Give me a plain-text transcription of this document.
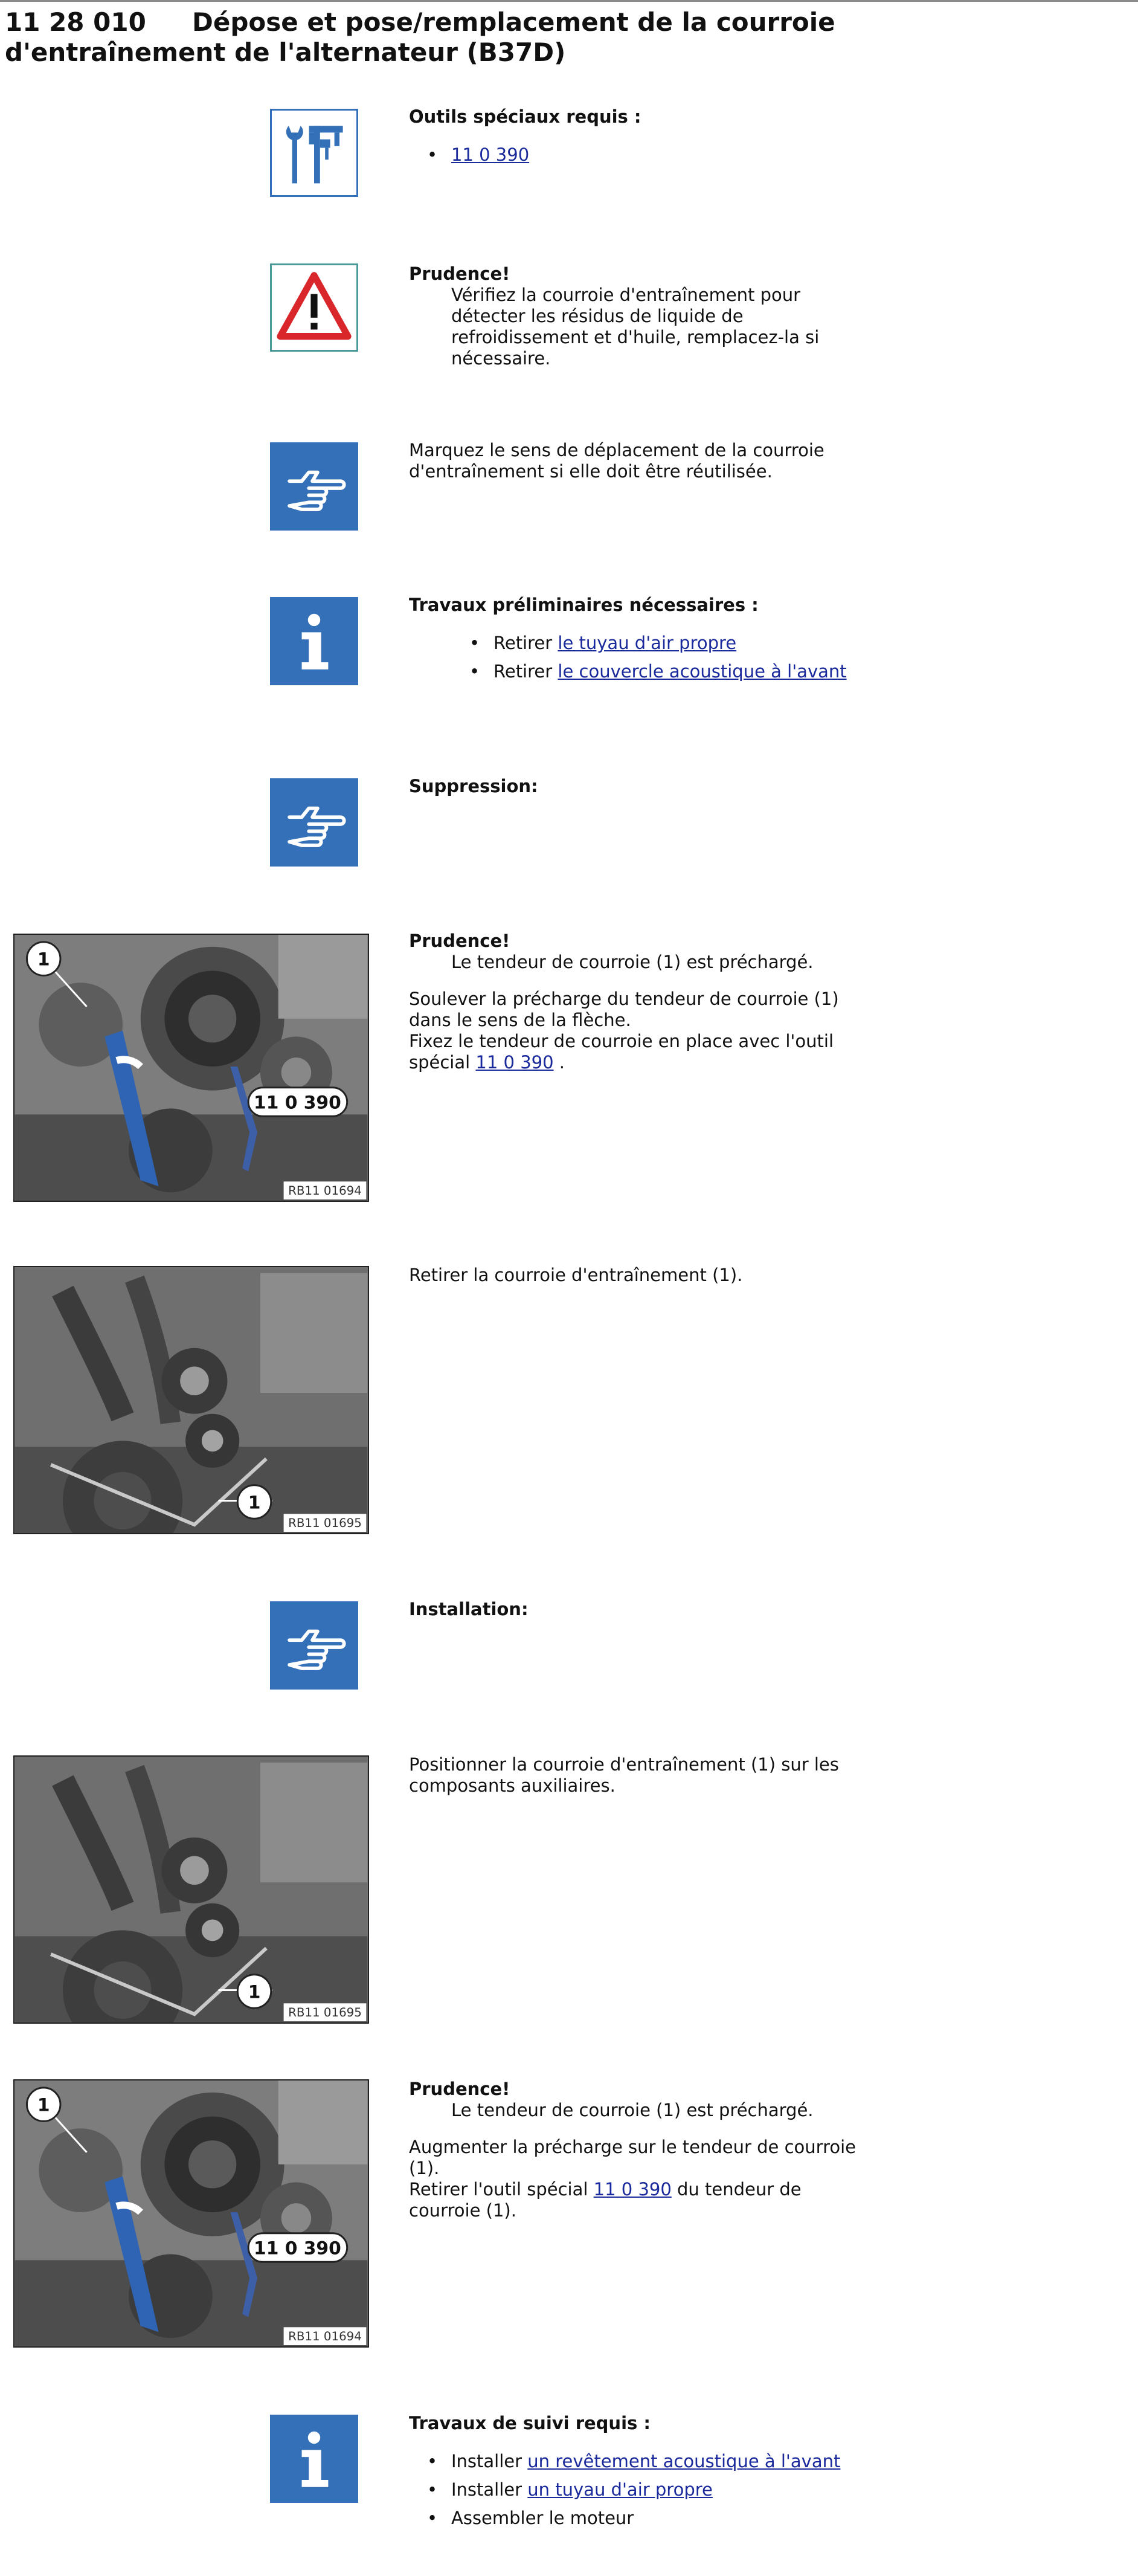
11 28 010 Dépose et pose/remplacement de la courroie
d'entraînement de l'alternateur (B37D)

Outils spéciaux requis :

• 11 0 390

Prudence!

Vérifiez la courroie d'entraînement pour détecter les résidus de liquide de refroidissement et d'huile, remplacez-la si nécessaire.

Marquez le sens de déplacement de la courroie d'entraînement si elle doit être réutilisée.

Travaux préliminaires nécessaires :

• Retirer le tuyau d'air propre
• Retirer le couvercle acoustique à l'avant

Suppression:

1
11 0 390
RB11 01694

Prudence!

Le tendeur de courroie (1) est préchargé.

Soulever la précharge du tendeur de courroie (1) dans le sens de la flèche.

Fixez le tendeur de courroie en place avec l'outil spécial 11 0 390 .

1
RB11 01695

Retirer la courroie d'entraînement (1).

Installation:

1
RB11 01695

Positionner la courroie d'entraînement (1) sur les composants auxiliaires.

1
11 0 390
RB11 01694

Prudence!

Le tendeur de courroie (1) est préchargé.

Augmenter la précharge sur le tendeur de courroie (1).

Retirer l'outil spécial 11 0 390 du tendeur de courroie (1).

Travaux de suivi requis :

• Installer un revêtement acoustique à l'avant
• Installer un tuyau d'air propre
• Assembler le moteur
